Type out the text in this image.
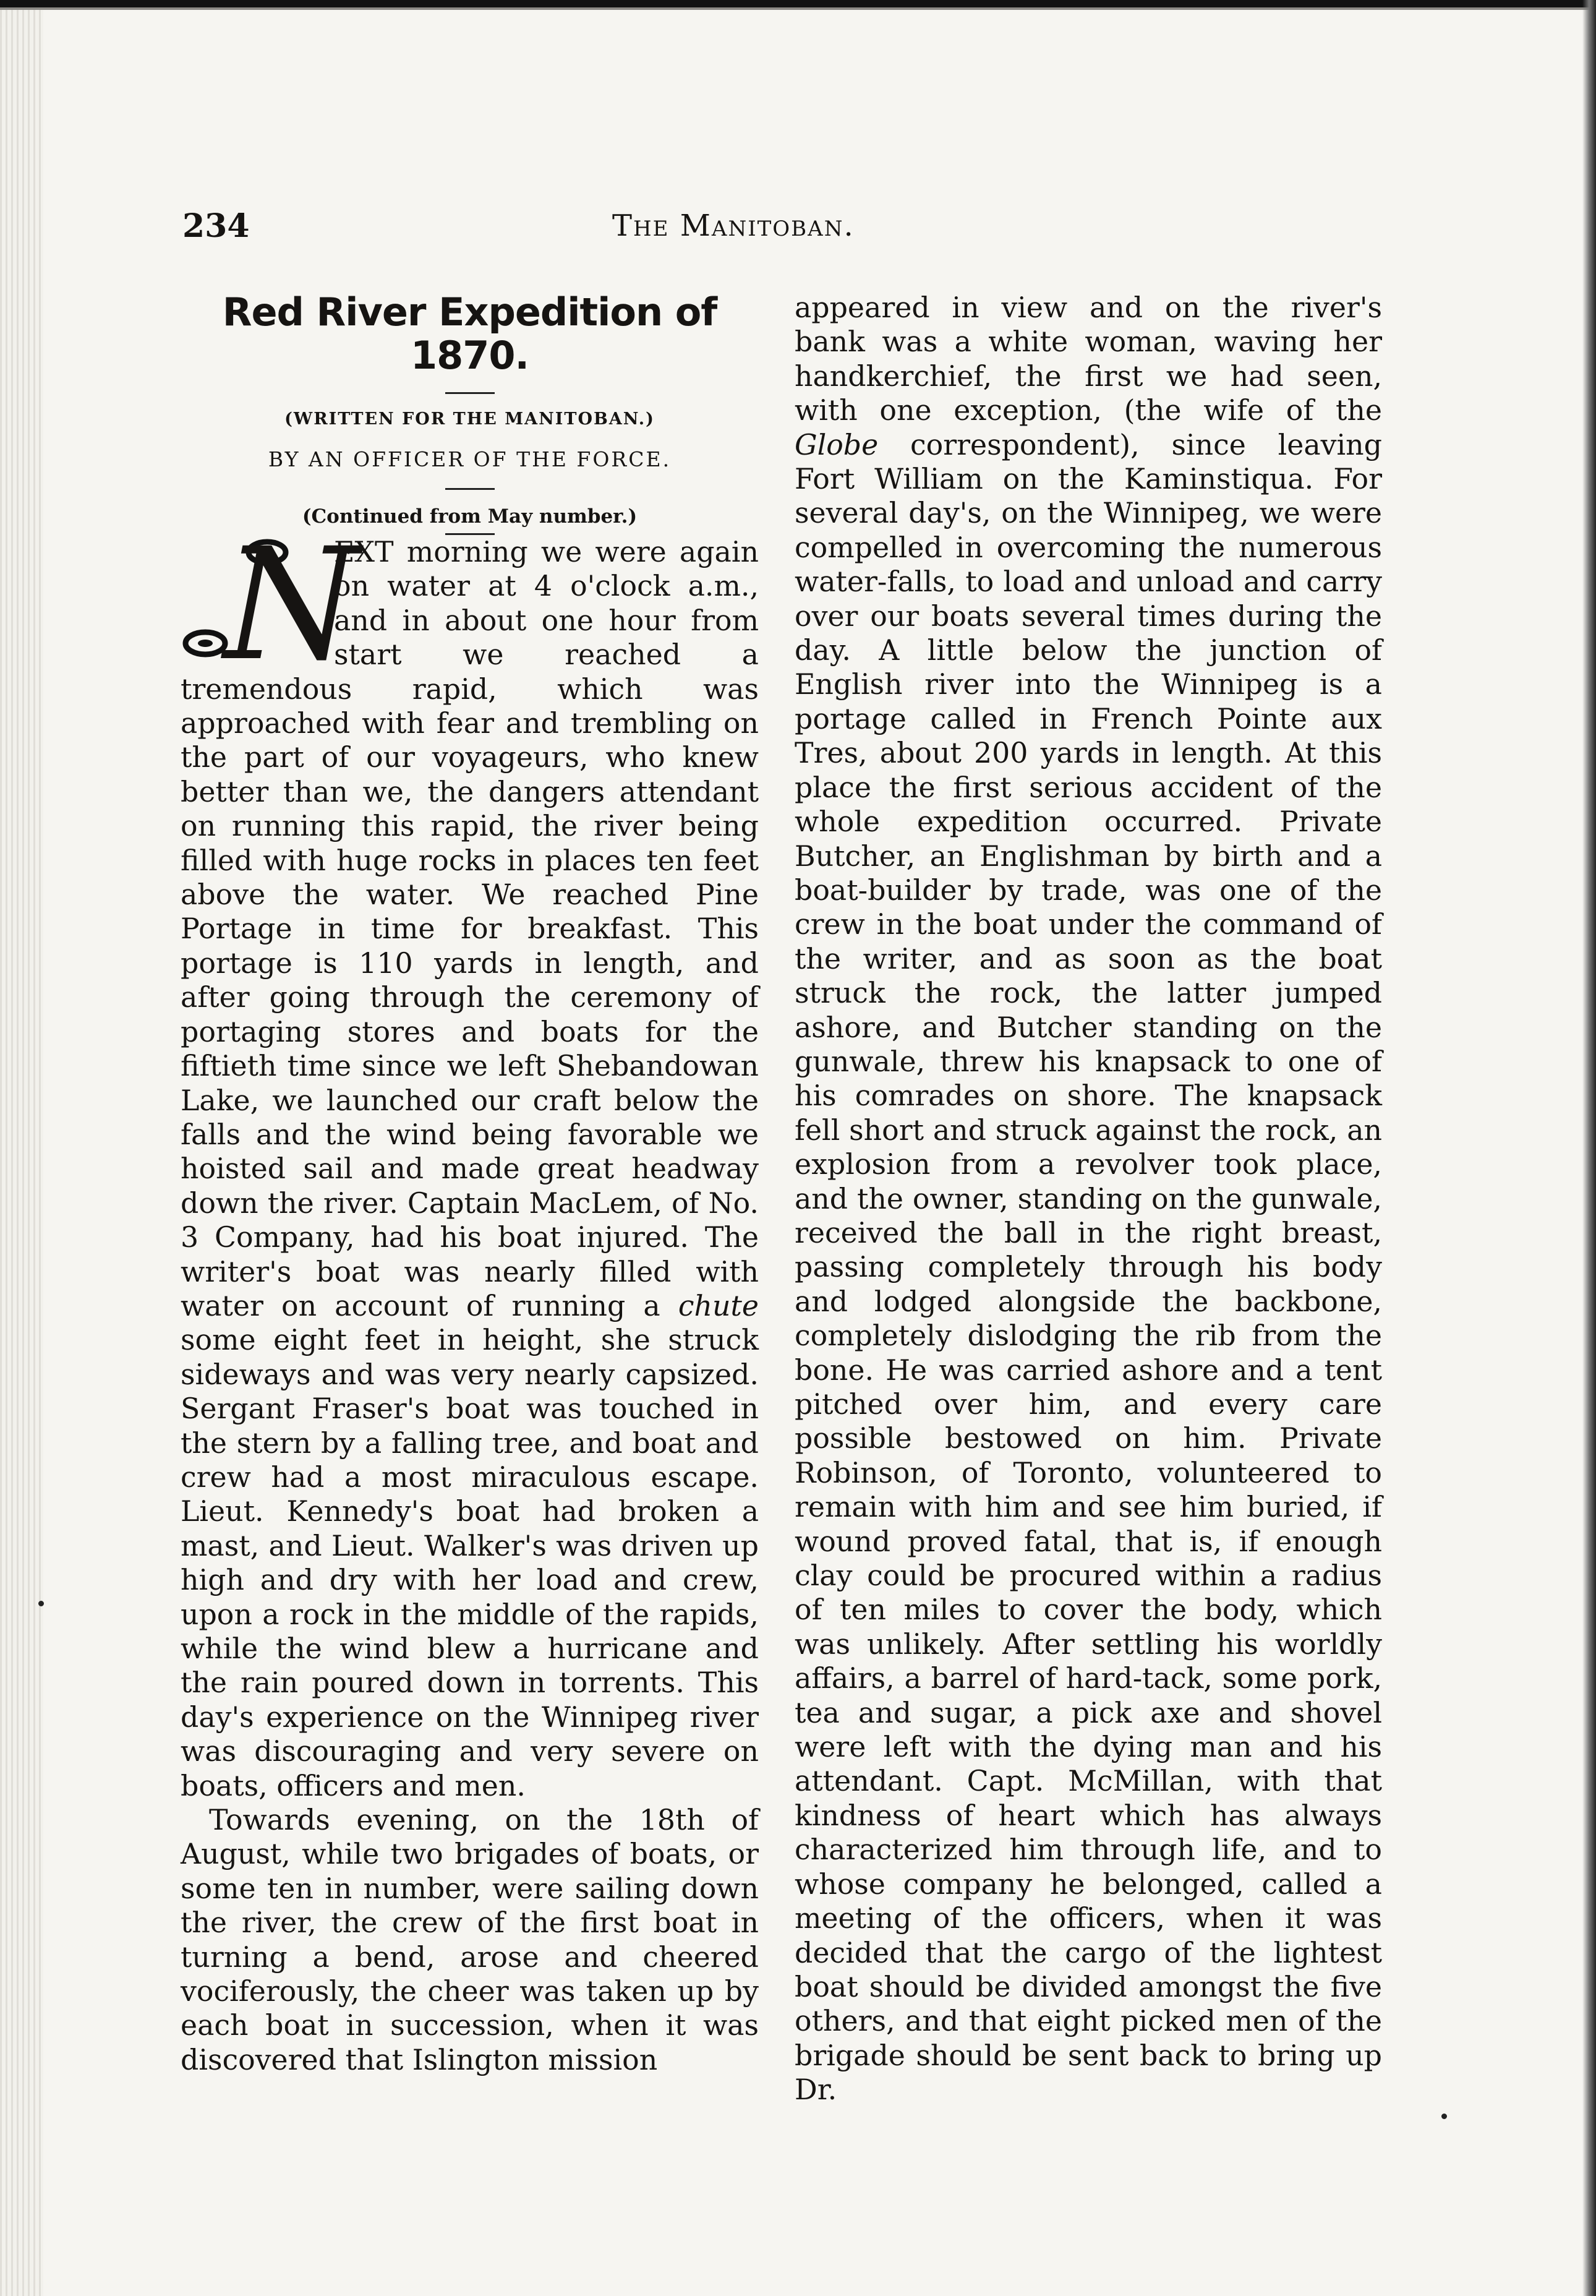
234	The Manitoban.
Red River Expedition of 1870.
(WRITTEN FOR THE MANITOBAN.)
BY AN OFFICER OF THE FORCE.
(Continued from May number.)

N
EXT morning we were again on water at 4 o'clock a.m., and in about one hour from start we reached a tremendous rapid, which was approached with fear and trembling on the part of our voyageurs, who knew better than we, the dangers attendant on running this rapid, the river being filled with huge rocks in places ten feet above the water. We reached Pine Portage in time for breakfast. This portage is 110 yards in length, and after going through the ceremony of portaging stores and boats for the fiftieth time since we left Shebandowan Lake, we launched our craft below the falls and the wind being favorable we hoisted sail and made great headway down the river. Captain MacLem, of No. 3 Company, had his boat injured. The writer's boat was nearly filled with water on account of running a chute some eight feet in height, she struck sideways and was very nearly capsized. Sergant Fraser's boat was touched in the stern by a falling tree, and boat and crew had a most miraculous escape. Lieut. Kennedy's boat had broken a mast, and Lieut. Walker's was driven up high and dry with her load and crew, upon a rock in the middle of the rapids, while the wind blew a hurricane and the rain poured down in torrents. This day's experience on the Winnipeg river was discouraging and very severe on boats, officers and men.

Towards evening, on the 18th of August, while two brigades of boats, or some ten in number, were sailing down the river, the crew of the first boat in turning a bend, arose and cheered vociferously, the cheer was taken up by each boat in succession, when it was discovered that Islington mission

appeared in view and on the river's bank was a white woman, waving her handkerchief, the first we had seen, with one exception, (the wife of the Globe correspondent), since leaving Fort William on the Kaminstiqua. For several day's, on the Winnipeg, we were compelled in overcoming the numerous water-falls, to load and unload and carry over our boats several times during the day. A little below the junction of English river into the Winnipeg is a portage called in French Pointe aux Tres, about 200 yards in length. At this place the first serious accident of the whole expedition occurred. Private Butcher, an Englishman by birth and a boat-builder by trade, was one of the crew in the boat under the command of the writer, and as soon as the boat struck the rock, the latter jumped ashore, and Butcher standing on the gunwale, threw his knapsack to one of his comrades on shore. The knapsack fell short and struck against the rock, an explosion from a revolver took place, and the owner, standing on the gunwale, received the ball in the right breast, passing completely through his body and lodged alongside the backbone, completely dislodging the rib from the bone. He was carried ashore and a tent pitched over him, and every care possible bestowed on him. Private Robinson, of Toronto, volunteered to remain with him and see him buried, if wound proved fatal, that is, if enough clay could be procured within a radius of ten miles to cover the body, which was unlikely. After settling his worldly affairs, a barrel of hard-tack, some pork, tea and sugar, a pick axe and shovel were left with the dying man and his attendant. Capt. McMillan, with that kindness of heart which has always characterized him through life, and to whose company he belonged, called a meeting of the officers, when it was decided that the cargo of the lightest boat should be divided amongst the five others, and that eight picked men of the brigade should be sent back to bring up Dr.
